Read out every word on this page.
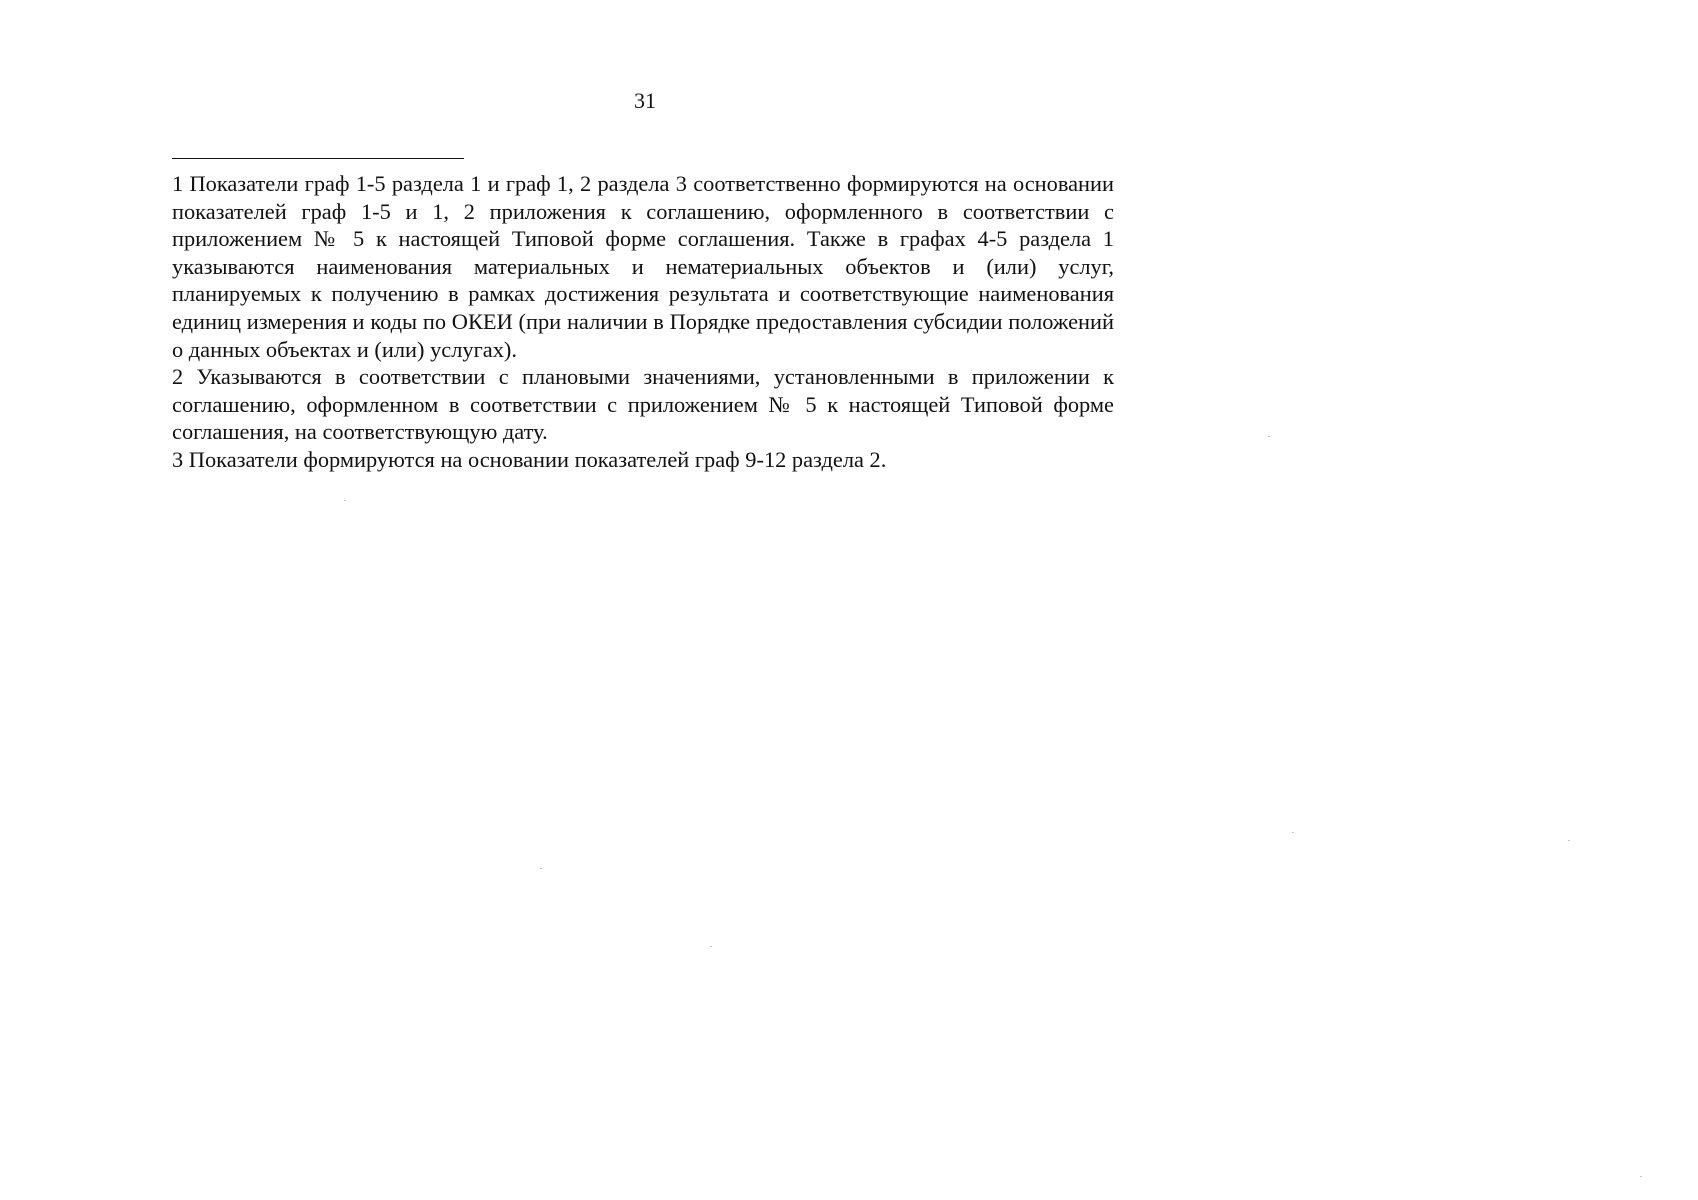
31

1 Показатели граф 1-5 раздела 1 и граф 1, 2 раздела 3 соответственно формируются на основании показателей граф 1-5 и 1, 2 приложения к соглашению, оформленного в соответствии с приложением № 5 к настоящей Типовой форме соглашения. Также в графах 4-5 раздела 1 указываются наименования материальных и нематериальных объектов и (или) услуг, планируемых к получению в рамках достижения результата и соответствующие наименования единиц измерения и коды по ОКЕИ (при наличии в Порядке предоставления субсидии положений о данных объектах и (или) услугах).

2 Указываются в соответствии с плановыми значениями, установленными в приложении к соглашению, оформленном в соответствии с приложением № 5 к настоящей Типовой форме соглашения, на соответствующую дату.

3 Показатели формируются на основании показателей граф 9-12 раздела 2.
